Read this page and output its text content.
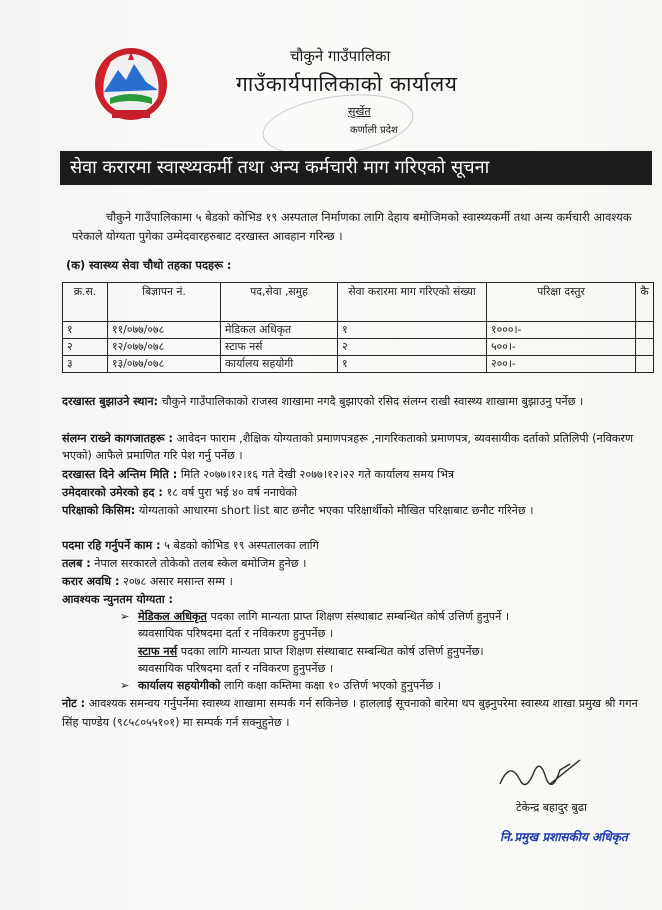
चौकुने गाउँपालिका
गाउँकार्यपालिकाको कार्यालय
सुर्खेत
कर्णाली प्रदेश
सेवा करारमा स्वास्थ्यकर्मी तथा अन्य कर्मचारी माग गरिएको सूचना
चौकुने गाउँपालिकामा ५ बेडको कोभिड १९ अस्पताल निर्माणका लागि देहाय बमोजिमको स्वास्थ्यकर्मी तथा अन्य कर्मचारी आवश्यक परेकाले योग्यता पुगेका उम्मेदवारहरुबाट दरखास्त आवहान गरिन्छ ।
(क) स्वास्थ्य सेवा चौथो तहका पदहरू :
क्र.स.	बिज्ञापन नं.	पद,सेवा ,समुह	सेवा करारमा माग गरिएको संख्या	परिक्षा दस्तुर	कै
१	११/०७७/०७८	मेडिकल अधिकृत	१	१०००।-	
२	१२/०७७/०७८	स्टाफ नर्स	२	५००।-	
३	१३/०७७/०७८	कार्यालय सहयोगी	१	२००।-	
दरखास्त बुझाउने स्थान: चौकुने गाउँपालिकाको राजस्व शाखामा नगदै बुझाएको रसिद संलग्न राखी स्वास्थ्य शाखामा बुझाउनु पर्नेछ ।
संलग्न राख्ने कागजातहरू : आवेदन फाराम ,शैक्षिक योग्यताको प्रमाणपत्रहरू ,नागरिकताको प्रमाणपत्र, ब्यवसायीक दर्ताको प्रतिलिपी (नविकरण भएको) आफैले प्रमाणित गरि पेश गर्नु पर्नेछ ।
दरखास्त दिने अन्तिम मिति : मिति २०७७।१२।१६ गते देखी २०७७।१२।२२ गते कार्यालय समय भित्र
उमेदवारको उमेरको हद : १८ वर्ष पुरा भई ४० वर्ष ननाघेको
परिक्षाको किसिम: योग्यताको आधारमा short list बाट छनौट भएका परिक्षार्थीको मौखित परिक्षाबाट छनौट गरिनेछ ।
पदमा रहि गर्नुपर्ने काम : ५ बेडको कोभिड १९ अस्पतालका लागि
तलब : नेपाल सरकारले तोकेको तलब स्केल बमोजिम हुनेछ ।
करार अवधि : २०७८ असार मसान्त सम्म ।
आवश्यक न्युनतम योग्यता :
➢ मेडिकल अधिकृत पदका लागि मान्यता प्राप्त शिक्षण संस्थाबाट सम्बन्धित कोर्ष उत्तिर्ण हुनुपर्ने ।
ब्यवसायिक परिषदमा दर्ता र नविकरण हुनुपर्नेछ ।
स्टाफ नर्स पदका लागि मान्यता प्राप्त शिक्षण संस्थाबाट सम्बन्धित कोर्ष उत्तिर्ण हुनुपर्नेछ।
ब्यवसायिक परिषदमा दर्ता र नविकरण हुनुपर्नेछ ।
➢ कार्यालय सहयोगीको लागि कक्षा कम्तिमा कक्षा १० उत्तिर्ण भएको हुनुपर्नेछ ।
नोट : आवश्यक समन्वय गर्नुपर्नेमा स्वास्थ्य शाखामा सम्पर्क गर्न सकिनेछ । हाललाई सूचनाको बारेमा थप बुझ्नुपरेमा स्वास्थ्य शाखा प्रमुख श्री गगन सिंह पाण्डेय (९८५८०५५१०१) मा सम्पर्क गर्न सक्नुहुनेछ ।
टेकेन्द्र बहादुर बुढा
नि.प्रमुख प्रशासकीय अधिकृत
